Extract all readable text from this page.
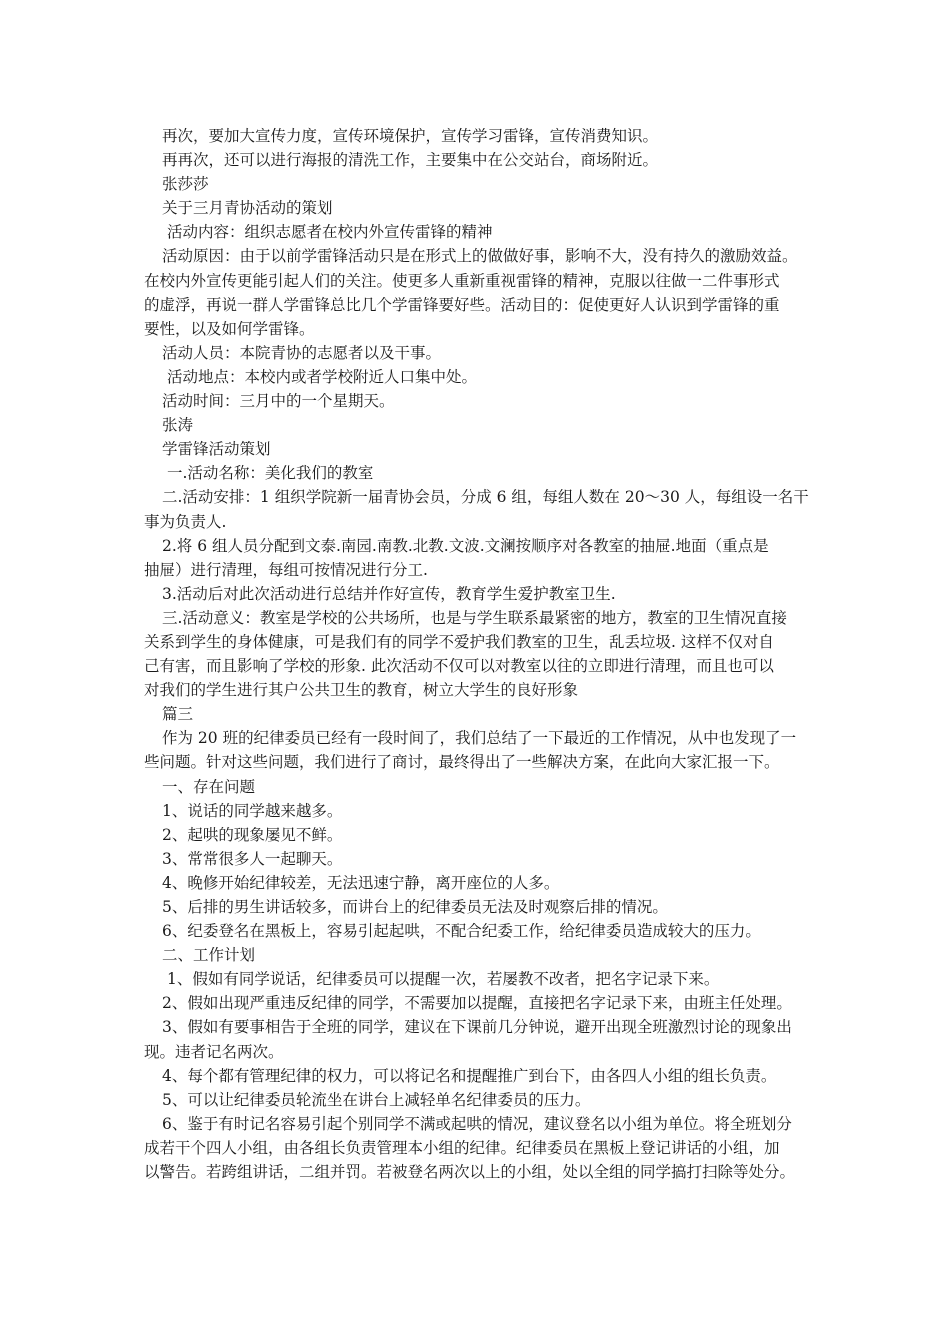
再次，要加大宣传力度，宣传环境保护，宣传学习雷锋，宣传消费知识。
再再次，还可以进行海报的清洗工作，主要集中在公交站台，商场附近。
张莎莎
关于三月青协活动的策划
活动内容：组织志愿者在校内外宣传雷锋的精神
活动原因：由于以前学雷锋活动只是在形式上的做做好事，影响不大，没有持久的激励效益。
在校内外宣传更能引起人们的关注。使更多人重新重视雷锋的精神，克服以往做一二件事形式
的虚浮，再说一群人学雷锋总比几个学雷锋要好些。活动目的：促使更好人认识到学雷锋的重
要性，以及如何学雷锋。
活动人员：本院青协的志愿者以及干事。
活动地点：本校内或者学校附近人口集中处。
活动时间：三月中的一个星期天。
张涛
学雷锋活动策划
一.活动名称：美化我们的教室
二.活动安排：1 组织学院新一届青协会员，分成 6 组，每组人数在 20～30 人，每组设一名干
事为负责人.
2.将 6 组人员分配到文泰.南园.南教.北教.文波.文澜按顺序对各教室的抽屉.地面（重点是
抽屉）进行清理，每组可按情况进行分工.
3.活动后对此次活动进行总结并作好宣传，教育学生爱护教室卫生.
三.活动意义：教室是学校的公共场所，也是与学生联系最紧密的地方，教室的卫生情况直接
关系到学生的身体健康，可是我们有的同学不爱护我们教室的卫生，乱丢垃圾. 这样不仅对自
己有害，而且影响了学校的形象. 此次活动不仅可以对教室以往的立即进行清理，而且也可以
对我们的学生进行其户公共卫生的教育，树立大学生的良好形象
篇三
作为 20 班的纪律委员已经有一段时间了，我们总结了一下最近的工作情况，从中也发现了一
些问题。针对这些问题，我们进行了商讨，最终得出了一些解决方案，在此向大家汇报一下。
一、存在问题
1、说话的同学越来越多。
2、起哄的现象屡见不鲜。
3、常常很多人一起聊天。
4、晚修开始纪律较差，无法迅速宁静，离开座位的人多。
5、后排的男生讲话较多，而讲台上的纪律委员无法及时观察后排的情况。
6、纪委登名在黑板上，容易引起起哄，不配合纪委工作，给纪律委员造成较大的压力。
二、工作计划
1、假如有同学说话，纪律委员可以提醒一次，若屡教不改者，把名字记录下来。
2、假如出现严重违反纪律的同学，不需要加以提醒，直接把名字记录下来，由班主任处理。
3、假如有要事相告于全班的同学，建议在下课前几分钟说，避开出现全班激烈讨论的现象出
现。违者记名两次。
4、每个都有管理纪律的权力，可以将记名和提醒推广到台下，由各四人小组的组长负责。
5、可以让纪律委员轮流坐在讲台上减轻单名纪律委员的压力。
6、鉴于有时记名容易引起个别同学不满或起哄的情况，建议登名以小组为单位。将全班划分
成若干个四人小组，由各组长负责管理本小组的纪律。纪律委员在黑板上登记讲话的小组，加
以警告。若跨组讲话，二组并罚。若被登名两次以上的小组，处以全组的同学搞打扫除等处分。
